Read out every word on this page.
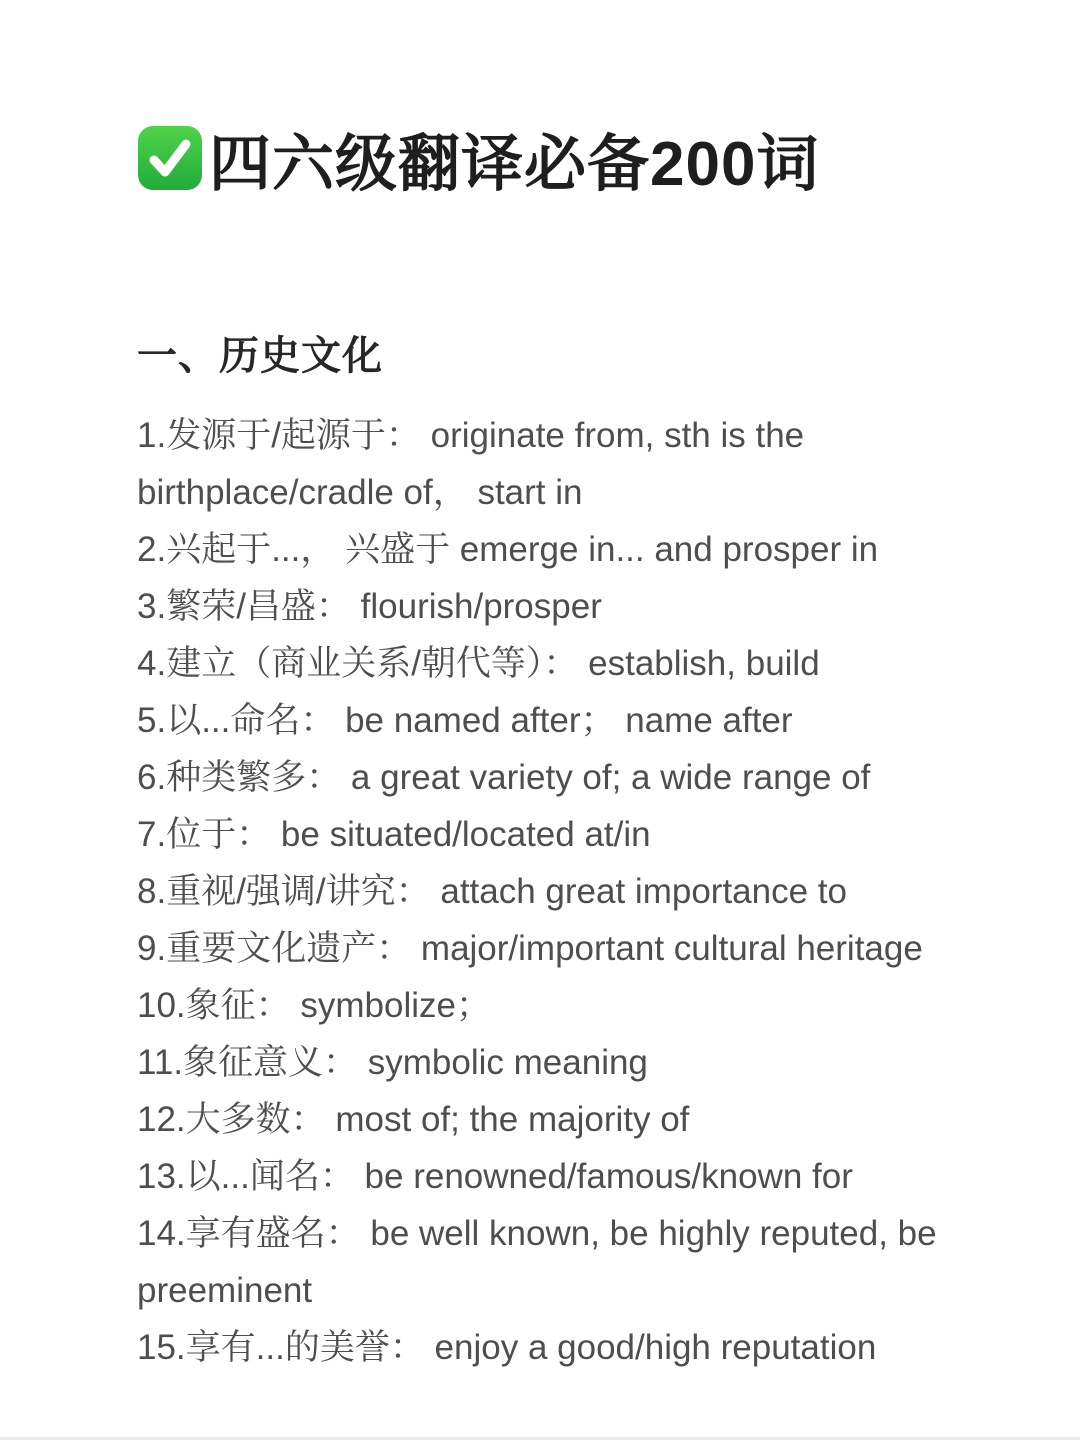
四六级翻译必备200词
一、历史文化
1.发源于/起源于： originate from, sth is the birthplace/cradle of， start in
2.兴起于...， 兴盛于 emerge in... and prosper in
3.繁荣/昌盛： flourish/prosper
4.建立（商业关系/朝代等）： establish, build
5.以...命名： be named after； name after
6.种类繁多： a great variety of; a wide range of
7.位于： be situated/located at/in
8.重视/强调/讲究： attach great importance to
9.重要文化遗产： major/important cultural heritage
10.象征： symbolize；
11.象征意义： symbolic meaning
12.大多数： most of; the majority of
13.以...闻名： be renowned/famous/known for
14.享有盛名： be well known, be highly reputed, be preeminent
15.享有...的美誉： enjoy a good/high reputation
